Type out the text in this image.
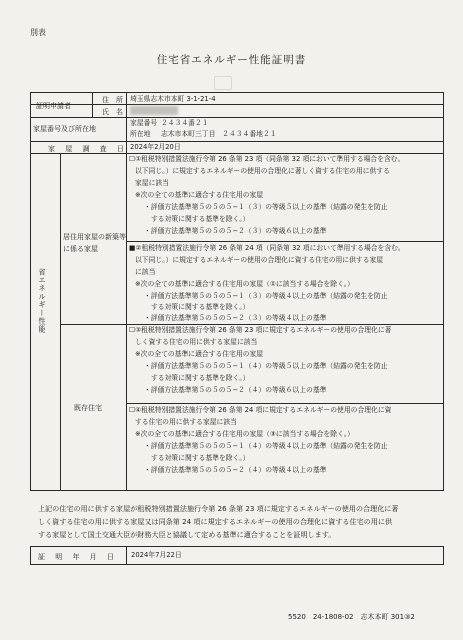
別表
住宅省エネルギー性能証明書
証明申請者
住　所 埼玉県志木市本町 3-1-21-4
氏　名
家屋番号及び所在地
家屋番号 ２４３４番２１
所在地 志木市本町三丁目　２４３４番地２１
家 屋 調 査 日 2024年2月20日
省エネルギー性能
居住用家屋の新築等
に係る家屋
既存住宅
☐①租税特別措置法施行令第 26 条第 23 項（同条第 32 項において準用する場合を含む。
以下同じ。）に規定するエネルギーの使用の合理化に著しく資する住宅の用に供する
家屋に該当
※次の全ての基準に適合する住宅用の家屋
・評価方法基準第５の５の５−１（３）の等級５以上の基準（結露の発生を防止
する対策に関する基準を除く。）
・評価方法基準第５の５の５−２（３）の等級６以上の基準
■②租税特別措置法施行令第 26 条第 24 項（同条第 32 項において準用する場合を含む。
以下同じ。）に規定するエネルギーの使用の合理化に資する住宅の用に供する家屋
に該当
※次の全ての基準に適合する住宅用の家屋（①に該当する場合を除く。）
・評価方法基準第５の５の５−１（３）の等級４以上の基準（結露の発生を防止
する対策に関する基準を除く。）
・評価方法基準第５の５の５−２（３）の等級４以上の基準
☐③租税特別措置法施行令第 26 条第 23 項に規定するエネルギーの使用の合理化に著
しく資する住宅の用に供する家屋に該当
※次の全ての基準に適合する住宅用の家屋
・評価方法基準第５の５の５−１（４）の等級５以上の基準（結露の発生を防止
する対策に関する基準を除く。）
・評価方法基準第５の５の５−２（４）の等級６以上の基準
☐④租税特別措置法施行令第 26 条第 24 項に規定するエネルギーの使用の合理化に資
する住宅の用に供する家屋に該当
※次の全ての基準に適合する住宅用の家屋（③に該当する場合を除く。）
・評価方法基準第５の５の５−１（４）の等級４以上の基準（結露の発生を防止
する対策に関する基準を除く。）
・評価方法基準第５の５の５−２（４）の等級４以上の基準
上記の住宅の用に供する家屋が租税特別措置法施行令第 26 条第 23 項に規定するエネルギーの使用の合理化に著
しく資する住宅の用に供する家屋又は同条第 24 項に規定するエネルギーの使用の合理化に資する住宅の用に供
する家屋として国土交通大臣が財務大臣と協議して定める基準に適合することを証明します。
証 明 年 月 日 2024年7月22日
5520　24-1808-02　志木本町 301③2
